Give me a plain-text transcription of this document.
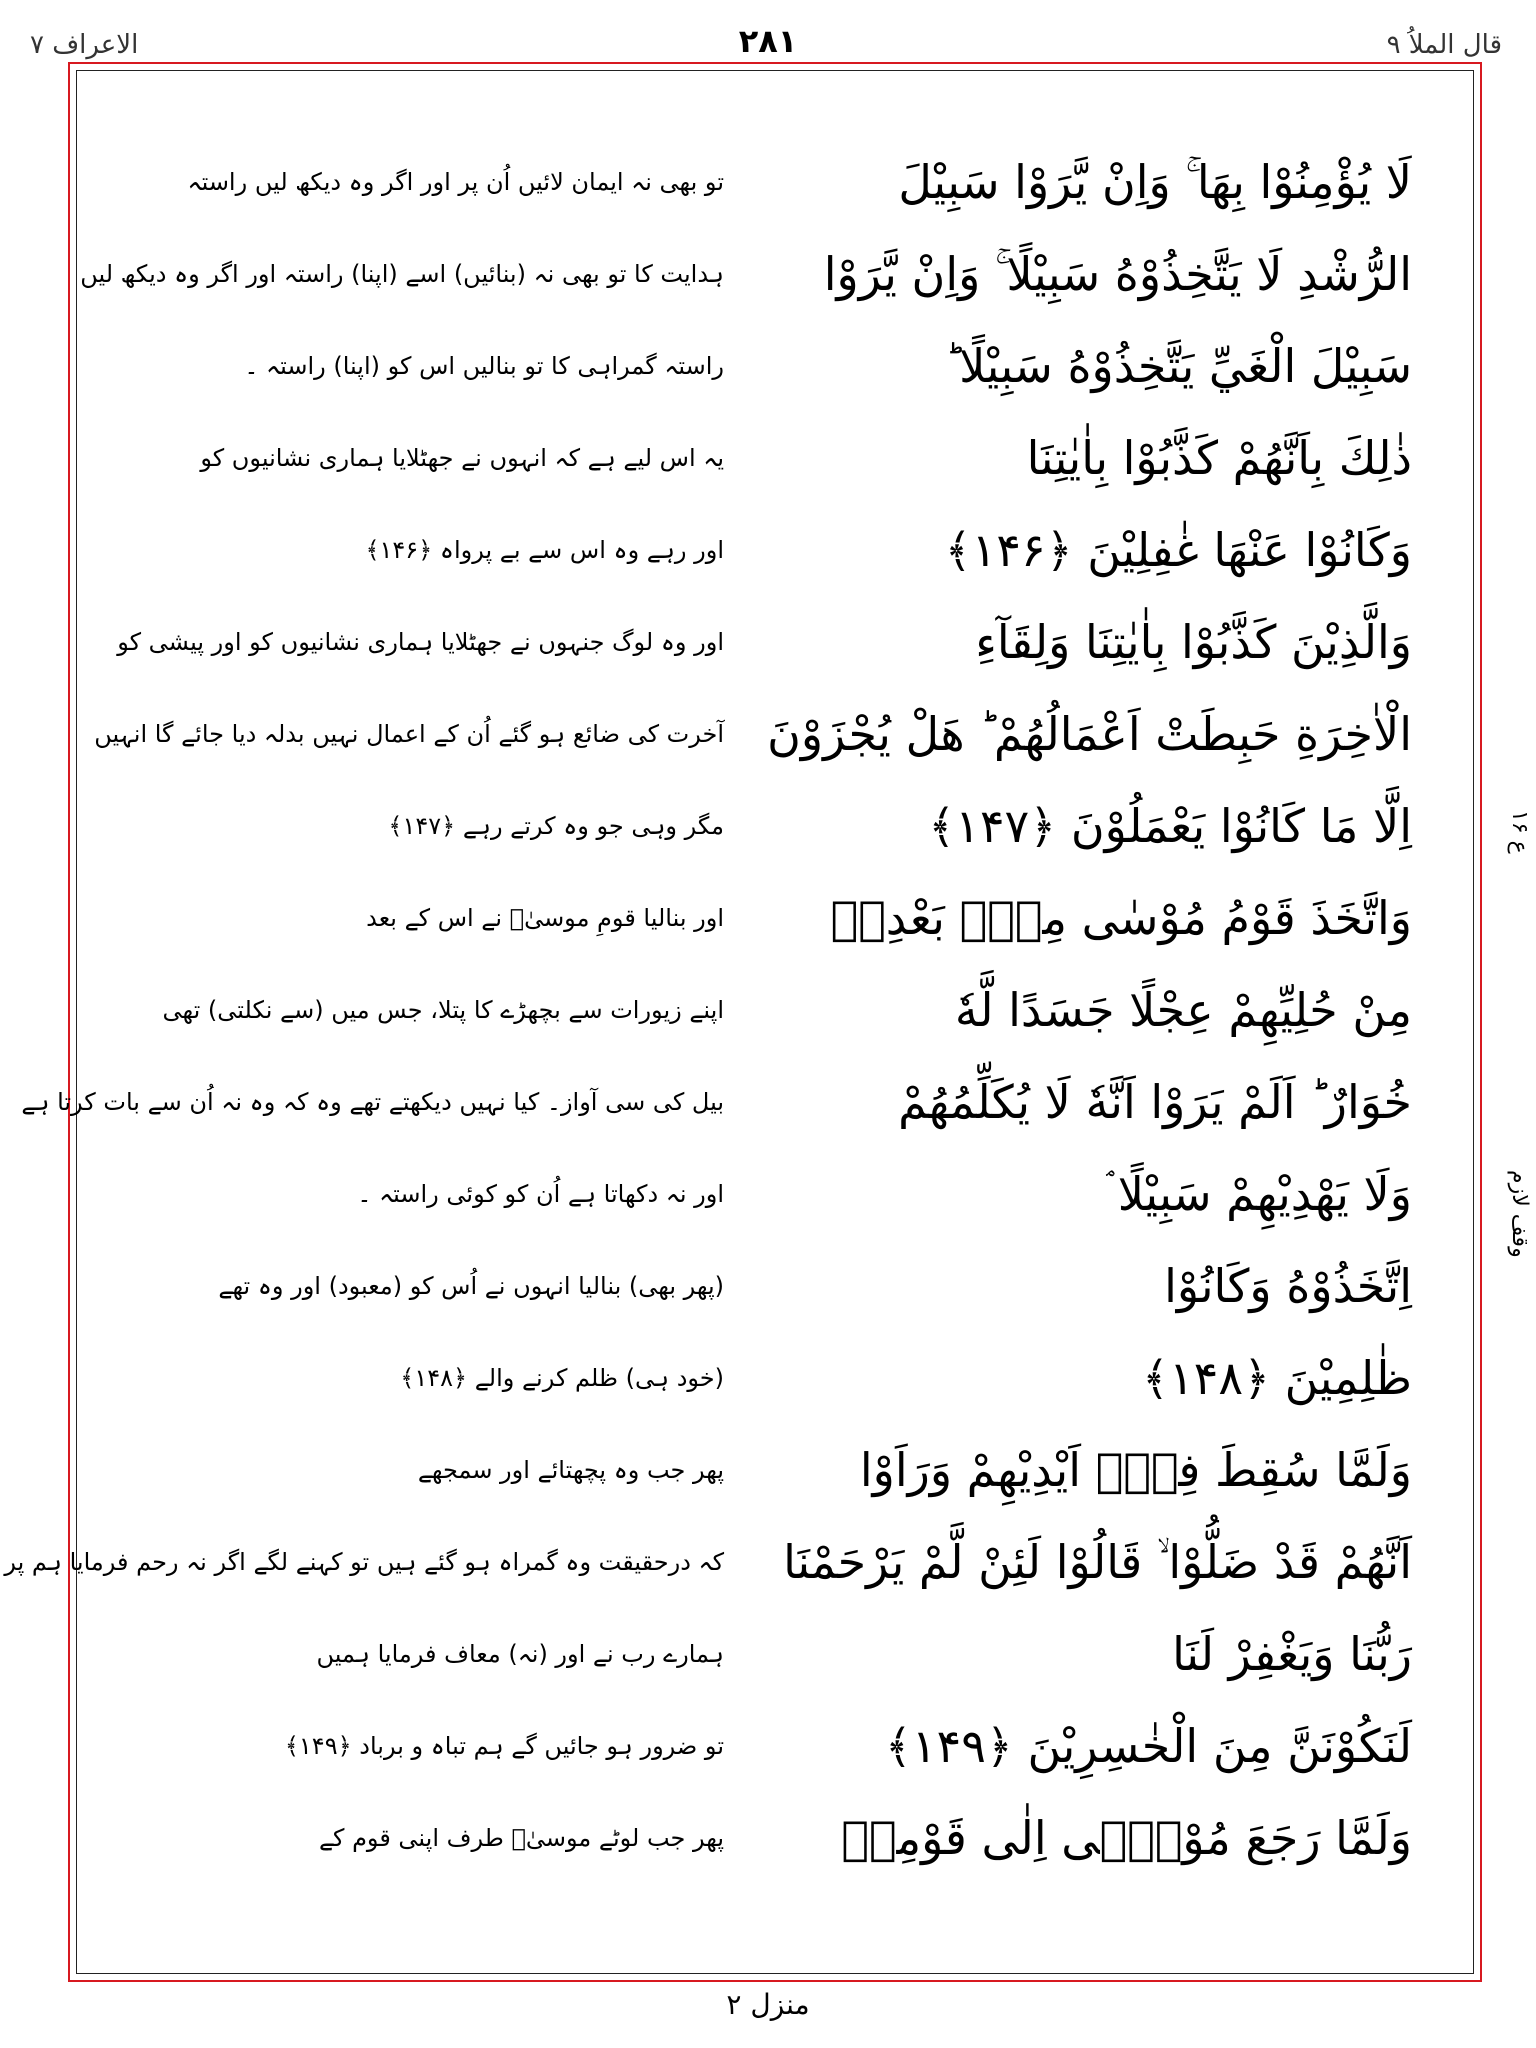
قال الملاُ ۹
۲۸۱
الاعراف ۷
لَا يُؤْمِنُوْا بِهَا ۚ وَاِنْ يَّرَوْا سَبِيْلَ
تو بھی نہ ایمان لائیں اُن پر اور اگر وہ دیکھ لیں راستہ
الرُّشْدِ لَا يَتَّخِذُوْهُ سَبِيْلًا ۚ وَاِنْ يَّرَوْا
ہدایت کا تو بھی نہ (بنائیں) اسے (اپنا) راستہ اور اگر وہ دیکھ لیں
سَبِيْلَ الْغَيِّ يَتَّخِذُوْهُ سَبِيْلًا ؕ
راستہ گمراہی کا تو بنالیں اس کو (اپنا) راستہ ۔
ذٰلِكَ بِاَنَّهُمْ كَذَّبُوْا بِاٰيٰتِنَا
یہ اس لیے ہے کہ انہوں نے جھٹلایا ہماری نشانیوں کو
وَكَانُوْا عَنْهَا غٰفِلِيْنَ ﴿۱۴۶﴾
اور رہے وہ اس سے بے پرواہ ﴿۱۴۶﴾
وَالَّذِيْنَ كَذَّبُوْا بِاٰيٰتِنَا وَلِقَآءِ
اور وہ لوگ جنہوں نے جھٹلایا ہماری نشانیوں کو اور پیشی کو
الْاٰخِرَةِ حَبِطَتْ اَعْمَالُهُمْ ؕ هَلْ يُجْزَوْنَ
آخرت کی ضائع ہو گئے اُن کے اعمال نہیں بدلہ دیا جائے گا انہیں
اِلَّا مَا كَانُوْا يَعْمَلُوْنَ ﴿۱۴۷﴾
مگر وہی جو وہ کرتے رہے ﴿۱۴۷﴾
وَاتَّخَذَ قَوْمُ مُوْسٰى مِنْۢ بَعْدِهٖ
اور بنالیا قومِ موسیٰؑ نے اس کے بعد
مِنْ حُلِيِّهِمْ عِجْلًا جَسَدًا لَّهٗ
اپنے زیورات سے بچھڑے کا پتلا، جس میں (سے نکلتی) تھی
خُوَارٌ ؕ اَلَمْ يَرَوْا اَنَّهٗ لَا يُكَلِّمُهُمْ
بیل کی سی آواز۔ کیا نہیں دیکھتے تھے وہ کہ وہ نہ اُن سے بات کرتا ہے
وَلَا يَهْدِيْهِمْ سَبِيْلًا ۘ
اور نہ دکھاتا ہے اُن کو کوئی راستہ ۔
اِتَّخَذُوْهُ وَكَانُوْا
(پھر بھی) بنالیا انہوں نے اُس کو (معبود) اور وہ تھے
ظٰلِمِيْنَ ﴿۱۴۸﴾
(خود ہی) ظلم کرنے والے ﴿۱۴۸﴾
وَلَمَّا سُقِطَ فِيْۤ اَيْدِيْهِمْ وَرَاَوْا
پھر جب وہ پچھتائے اور سمجھے
اَنَّهُمْ قَدْ ضَلُّوْا ۙ قَالُوْا لَئِنْ لَّمْ يَرْحَمْنَا
کہ درحقیقت وہ گمراہ ہو گئے ہیں تو کہنے لگے اگر نہ رحم فرمایا ہم پر
رَبُّنَا وَيَغْفِرْ لَنَا
ہمارے رب نے اور (نہ) معاف فرمایا ہمیں
لَنَكُوْنَنَّ مِنَ الْخٰسِرِيْنَ ﴿۱۴۹﴾
تو ضرور ہو جائیں گے ہم تباہ و برباد ﴿۱۴۹﴾
وَلَمَّا رَجَعَ مُوْسٰۤى اِلٰى قَوْمِهٖ
پھر جب لوٹے موسیٰؑ طرف اپنی قوم کے
ع ۱۶
وقف لازم
منزل ۲
